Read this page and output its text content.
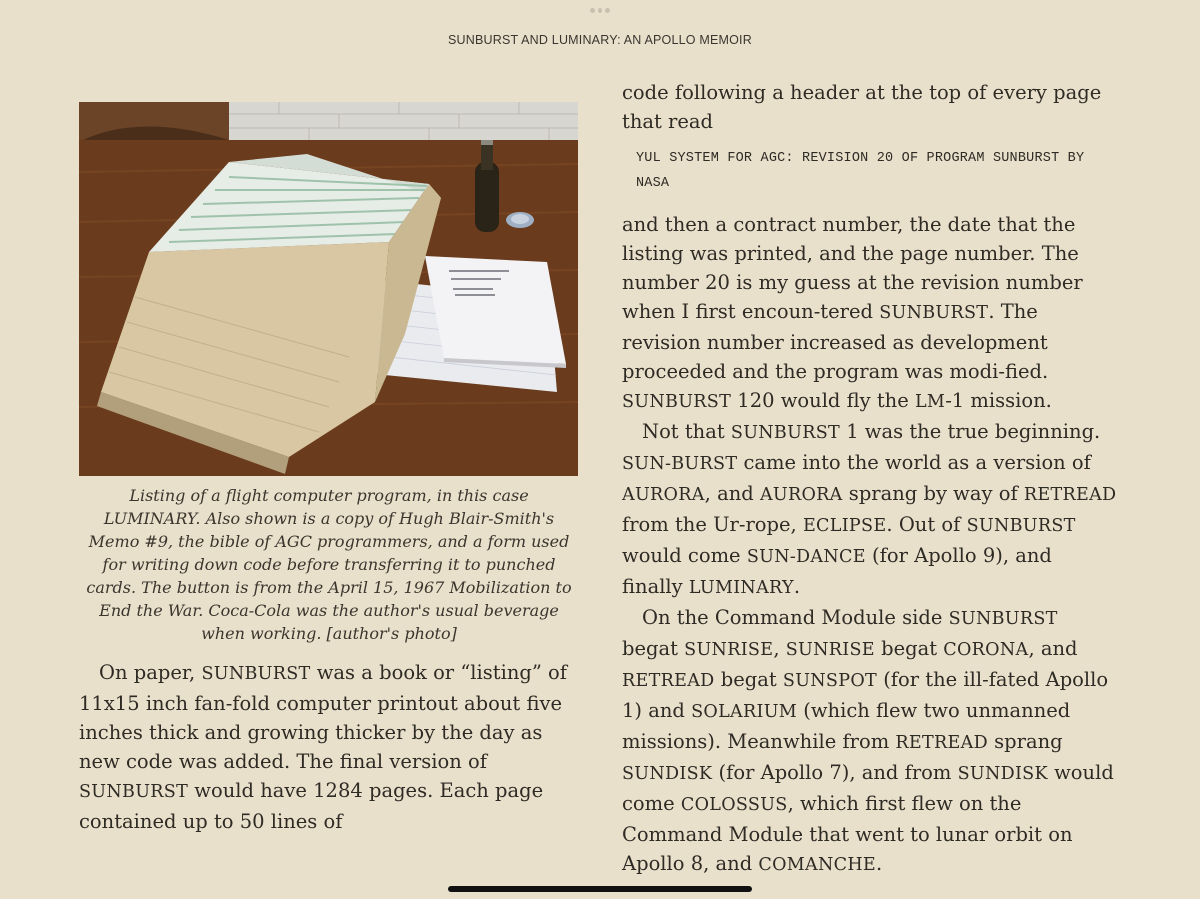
SUNBURST AND LUMINARY: AN APOLLO MEMOIR
Listing of a flight computer program, in this case LUMINARY. Also shown is a copy of Hugh Blair-Smith's Memo #9, the bible of AGC programmers, and a form used for writing down code before transferring it to punched cards. The button is from the April 15, 1967 Mobilization to End the War. Coca-Cola was the author's usual beverage when working. [author's photo]

On paper, SUNBURST was a book or “listing” of 11x15 inch fan-fold computer printout about five inches thick and growing thicker by the day as new code was added. The final version of SUNBURST would have 1284 pages. Each page contained up to 50 lines of

code following a header at the top of every page that read

YUL SYSTEM FOR AGC: REVISION 20 OF PROGRAM SUNBURST BY NASA

and then a contract number, the date that the listing was printed, and the page number. The number 20 is my guess at the revision number when I first encoun-tered SUNBURST. The revision number increased as development proceeded and the program was modi-fied. SUNBURST 120 would fly the LM-1 mission.

Not that SUNBURST 1 was the true beginning. SUN-BURST came into the world as a version of AURORA, and AURORA sprang by way of RETREAD from the Ur-rope, ECLIPSE. Out of SUNBURST would come SUN-DANCE (for Apollo 9), and finally LUMINARY.

On the Command Module side SUNBURST begat SUNRISE, SUNRISE begat CORONA, and RETREAD begat SUNSPOT (for the ill-fated Apollo 1) and SOLARIUM (which flew two unmanned missions). Meanwhile from RETREAD sprang SUNDISK (for Apollo 7), and from SUNDISK would come COLOSSUS, which first flew on the Command Module that went to lunar orbit on Apollo 8, and COMANCHE.
